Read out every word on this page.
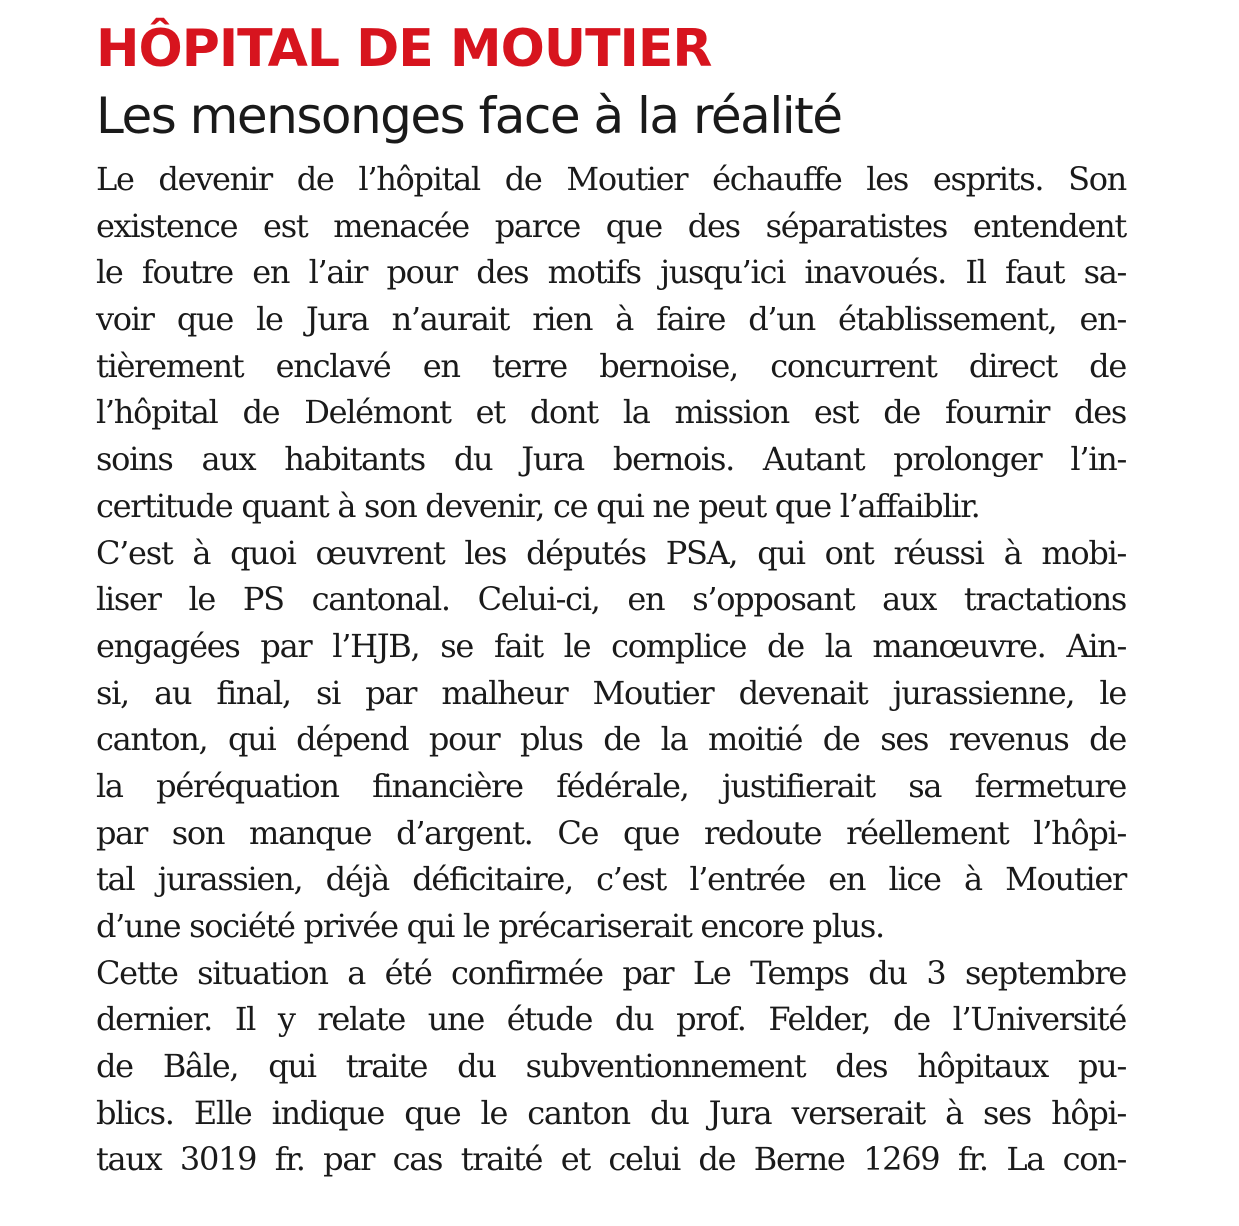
HÔPITAL DE MOUTIER
Les mensonges face à la réalité
Le devenir de l’hôpital de Moutier échauffe les esprits. Son
existence est menacée parce que des séparatistes entendent
le foutre en l’air pour des motifs jusqu’ici inavoués. Il faut sa-
voir que le Jura n’aurait rien à faire d’un établissement, en-
tièrement enclavé en terre bernoise, concurrent direct de
l’hôpital de Delémont et dont la mission est de fournir des
soins aux habitants du Jura bernois. Autant prolonger l’in-
certitude quant à son devenir, ce qui ne peut que l’affaiblir.
C’est à quoi œuvrent les députés PSA, qui ont réussi à mobi-
liser le PS cantonal. Celui-ci, en s’opposant aux tractations
engagées par l’HJB, se fait le complice de la manœuvre. Ain-
si, au final, si par malheur Moutier devenait jurassienne, le
canton, qui dépend pour plus de la moitié de ses revenus de
la péréquation financière fédérale, justifierait sa fermeture
par son manque d’argent. Ce que redoute réellement l’hôpi-
tal jurassien, déjà déficitaire, c’est l’entrée en lice à Moutier
d’une société privée qui le précariserait encore plus.
Cette situation a été confirmée par Le Temps du 3 septembre
dernier. Il y relate une étude du prof. Felder, de l’Université
de Bâle, qui traite du subventionnement des hôpitaux pu-
blics. Elle indique que le canton du Jura verserait à ses hôpi-
taux 3019 fr. par cas traité et celui de Berne 1269 fr. La con-
